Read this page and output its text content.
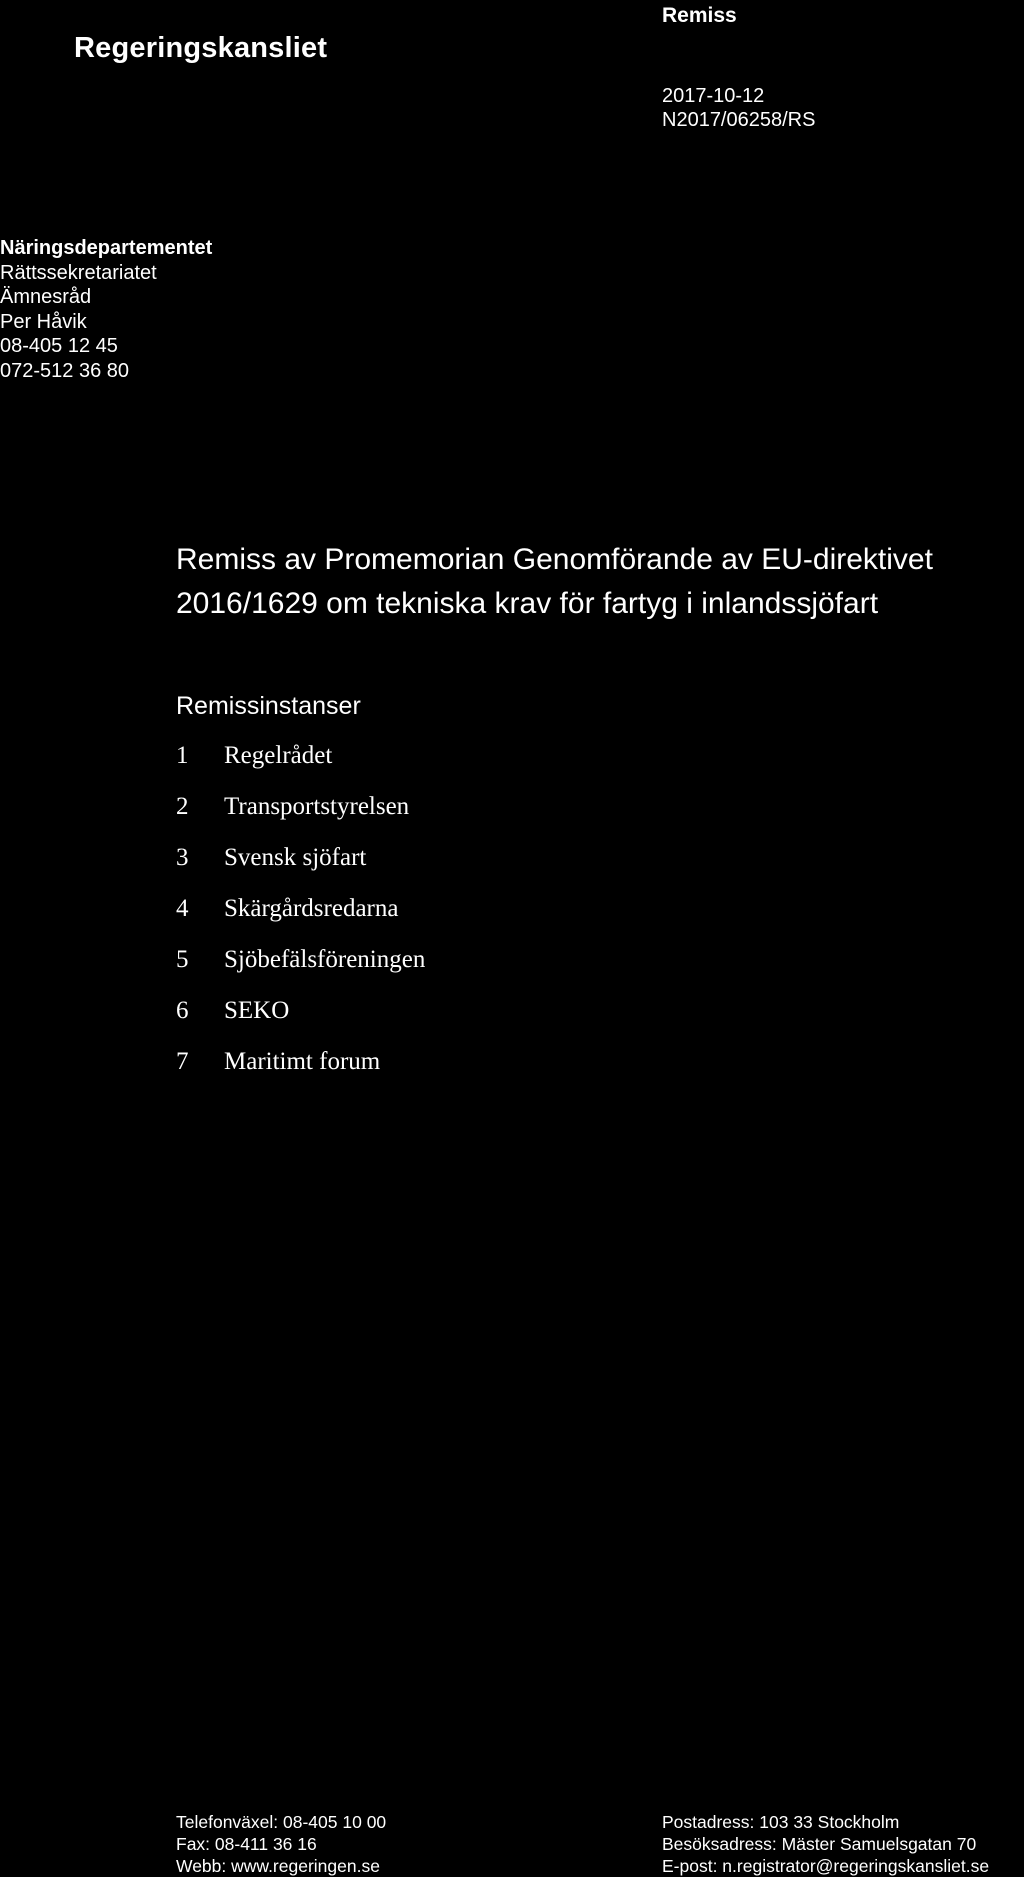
Regeringskansliet
Remiss
2017-10-12
N2017/06258/RS
Näringsdepartementet
Rättssekretariatet
Ämnesråd
Per Håvik
08-405 12 45
072-512 36 80
Remiss av Promemorian Genomförande av EU-direktivet
2016/1629 om tekniska krav för fartyg i inlandssjöfart
Remissinstanser
1 Regelrådet
2 Transportstyrelsen
3 Svensk sjöfart
4 Skärgårdsredarna
5 Sjöbefälsföreningen
6 SEKO
7 Maritimt forum
Telefonväxel: 08-405 10 00
Fax: 08-411 36 16
Webb: www.regeringen.se
Postadress: 103 33 Stockholm
Besöksadress: Mäster Samuelsgatan 70
E-post: n.registrator@regeringskansliet.se
